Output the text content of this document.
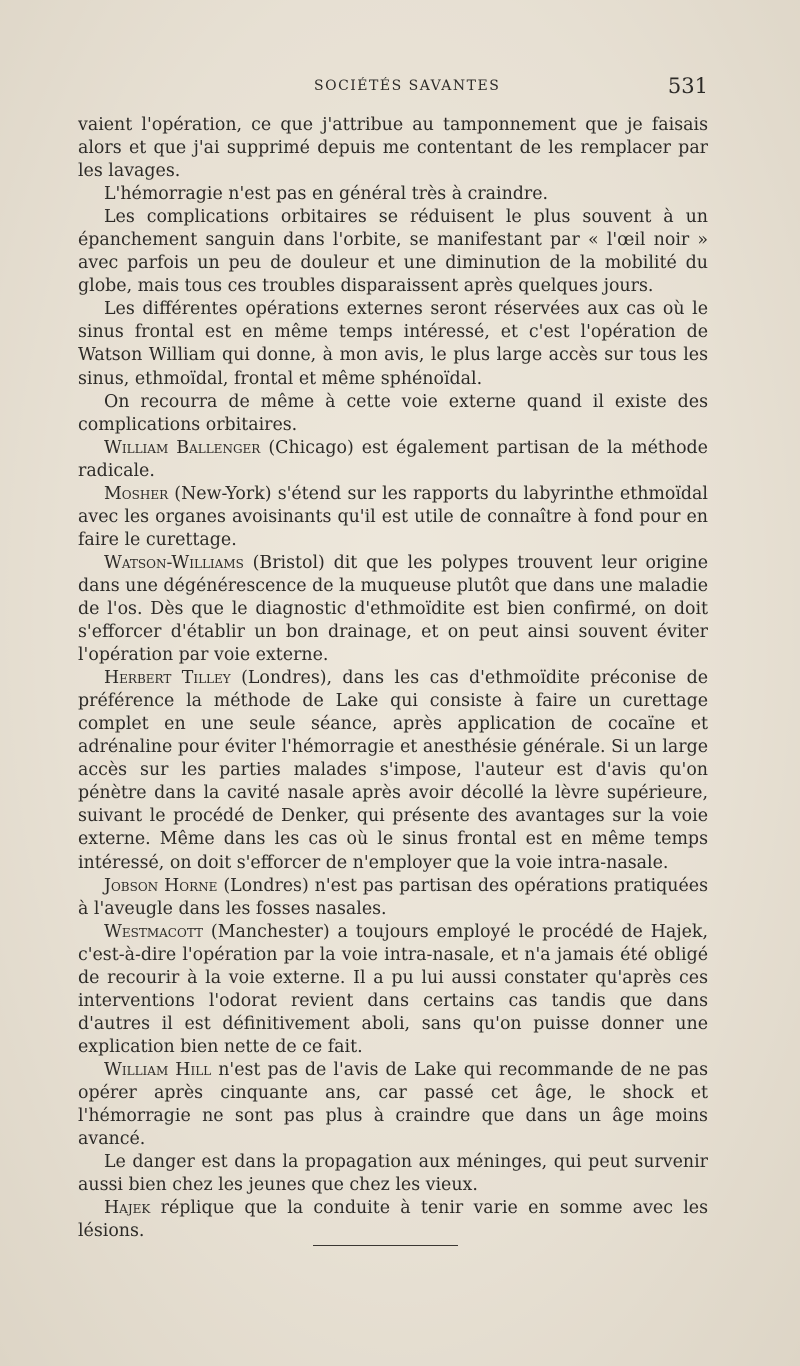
SOCIÉTÉS SAVANTES	531

vaient l'opération, ce que j'attribue au tamponnement que je faisais alors et que j'ai supprimé depuis me contentant de les remplacer par les lavages.

L'hémorragie n'est pas en général très à craindre.

Les complications orbitaires se réduisent le plus souvent à un épanchement sanguin dans l'orbite, se manifestant par « l'œil noir » avec parfois un peu de douleur et une diminution de la mobilité du globe, mais tous ces troubles disparaissent après quelques jours.

Les différentes opérations externes seront réservées aux cas où le sinus frontal est en même temps intéressé, et c'est l'opération de Watson William qui donne, à mon avis, le plus large accès sur tous les sinus, ethmoïdal, frontal et même sphénoïdal.

On recourra de même à cette voie externe quand il existe des complications orbitaires.

William Ballenger (Chicago) est également partisan de la méthode radicale.

Mosher (New-York) s'étend sur les rapports du labyrinthe ethmoïdal avec les organes avoisinants qu'il est utile de connaître à fond pour en faire le curettage.

Watson-Williams (Bristol) dit que les polypes trouvent leur origine dans une dégénérescence de la muqueuse plutôt que dans une maladie de l'os. Dès que le diagnostic d'ethmoïdite est bien confirmé, on doit s'efforcer d'établir un bon drainage, et on peut ainsi souvent éviter l'opération par voie externe.

Herbert Tilley (Londres), dans les cas d'ethmoïdite préconise de préférence la méthode de Lake qui consiste à faire un curettage complet en une seule séance, après application de cocaïne et adrénaline pour éviter l'hémorragie et anesthésie générale. Si un large accès sur les parties malades s'impose, l'auteur est d'avis qu'on pénètre dans la cavité nasale après avoir décollé la lèvre supérieure, suivant le procédé de Denker, qui présente des avantages sur la voie externe. Même dans les cas où le sinus frontal est en même temps intéressé, on doit s'efforcer de n'employer que la voie intra-nasale.

Jobson Horne (Londres) n'est pas partisan des opérations pratiquées à l'aveugle dans les fosses nasales.

Westmacott (Manchester) a toujours employé le procédé de Hajek, c'est-à-dire l'opération par la voie intra-nasale, et n'a jamais été obligé de recourir à la voie externe. Il a pu lui aussi constater qu'après ces interventions l'odorat revient dans certains cas tandis que dans d'autres il est définitivement aboli, sans qu'on puisse donner une explication bien nette de ce fait.

William Hill n'est pas de l'avis de Lake qui recommande de ne pas opérer après cinquante ans, car passé cet âge, le shock et l'hémorragie ne sont pas plus à craindre que dans un âge moins avancé.

Le danger est dans la propagation aux méninges, qui peut survenir aussi bien chez les jeunes que chez les vieux.

Hajek réplique que la conduite à tenir varie en somme avec les lésions.
